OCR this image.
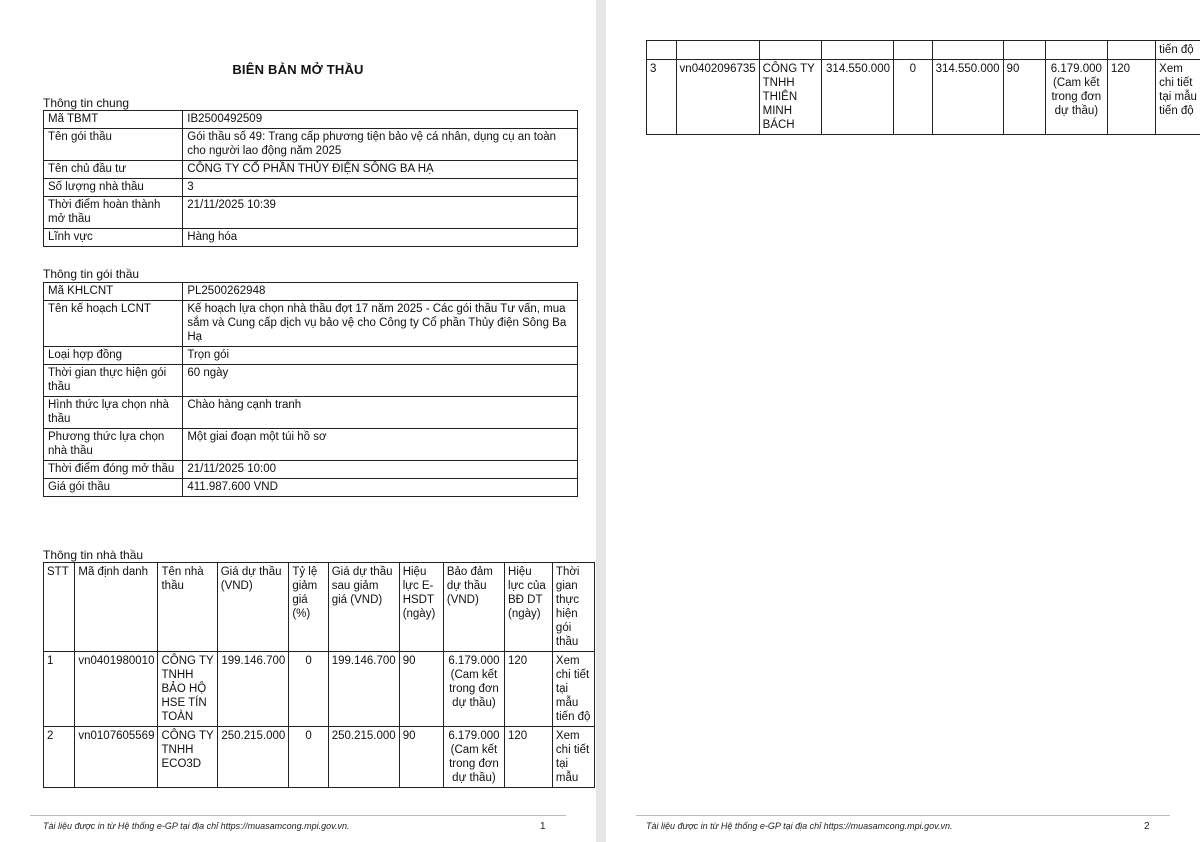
BIÊN BẢN MỞ THẦU
Thông tin chung
Mã TBMT	IB2500492509
Tên gói thầu	Gói thầu số 49: Trang cấp phương tiện bảo vệ cá nhân, dụng cụ an toàn cho người lao động năm 2025
Tên chủ đầu tư	CÔNG TY CỔ PHẦN THỦY ĐIỆN SÔNG BA HẠ
Số lượng nhà thầu	3
Thời điểm hoàn thành mở thầu	21/11/2025 10:39
Lĩnh vực	Hàng hóa
Thông tin gói thầu
Mã KHLCNT	PL2500262948
Tên kế hoạch LCNT	Kế hoạch lựa chọn nhà thầu đợt 17 năm 2025 - Các gói thầu Tư vấn, mua sắm và Cung cấp dịch vụ bảo vệ cho Công ty Cổ phần Thủy điện Sông Ba Hạ
Loại hợp đồng	Trọn gói
Thời gian thực hiện gói thầu	60 ngày
Hình thức lựa chọn nhà thầu	Chào hàng cạnh tranh
Phương thức lựa chọn nhà thầu	Một giai đoạn một túi hồ sơ
Thời điểm đóng mở thầu	21/11/2025 10:00
Giá gói thầu	411.987.600 VND
Thông tin nhà thầu
STT	Mã định danh	Tên nhà thầu	Giá dự thầu (VND)	Tỷ lệ giảm giá (%)	Giá dự thầu sau giảm giá (VND)	Hiệu lực E-HSDT (ngày)	Bảo đảm dự thầu (VND)	Hiệu lực của BĐ DT (ngày)	Thời gian thực hiện gói thầu
1	vn0401980010	CÔNG TY TNHH BẢO HỘ HSE TÍN TOÀN	199.146.700	0	199.146.700	90	6.179.000 (Cam kết trong đơn dự thầu)	120	Xem chi tiết tại mẫu tiến độ
2	vn0107605569	CÔNG TY TNHH ECO3D	250.215.000	0	250.215.000	90	6.179.000 (Cam kết trong đơn dự thầu)	120	Xem chi tiết tại mẫu
Tài liệu được in từ Hệ thống e-GP tại địa chỉ https://muasamcong.mpi.gov.vn.	1
									tiến độ
3	vn0402096735	CÔNG TY TNHH THIÊN MINH BÁCH	314.550.000	0	314.550.000	90	6.179.000 (Cam kết trong đơn dự thầu)	120	Xem chi tiết tại mẫu tiến độ
Tài liệu được in từ Hệ thống e-GP tại địa chỉ https://muasamcong.mpi.gov.vn.	2
